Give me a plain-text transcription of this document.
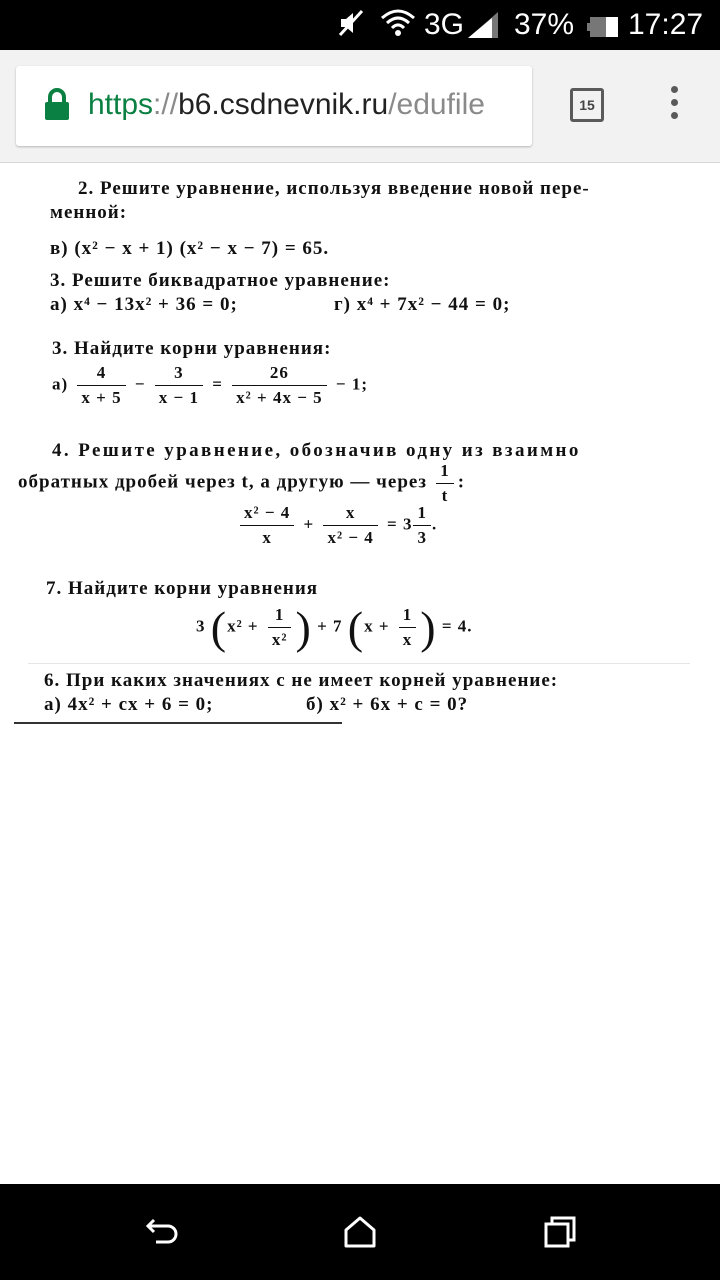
3G 37% 17:27
https://b6.csdnevnik.ru/edufile	15
2. Решите уравнение, используя введение новой пере-
менной:
в) (x² − x + 1) (x² − x − 7) = 65.
3. Решите биквадратное уравнение:
а) x⁴ − 13x² + 36 = 0;	г) x⁴ + 7x² − 44 = 0;
3. Найдите корни уравнения:
$а) \frac{4}{x + 5} - \frac{3}{x - 1} = \frac{26}{\text{x² + 4x − 5}} - 1$;
4. Решите уравнение, обозначив одну из взаимно
обратных дробей через t, а другую — через $\frac{1}{t}$ :
$\frac{\text{x² − 4}}{x} + \frac{x}{\text{x² − 4}} = 3 \frac{1}{3}$ .
7. Найдите корни уравнения
3 ($x^2 + \frac{1}{\text{x²}}$ ) + 7 ($x + \frac{1}{x}$ ) = 4.
6. При каких значениях c не имеет корней уравнение:
а) 4x² + cx + 6 = 0;	б) x² + 6x + c = 0?
